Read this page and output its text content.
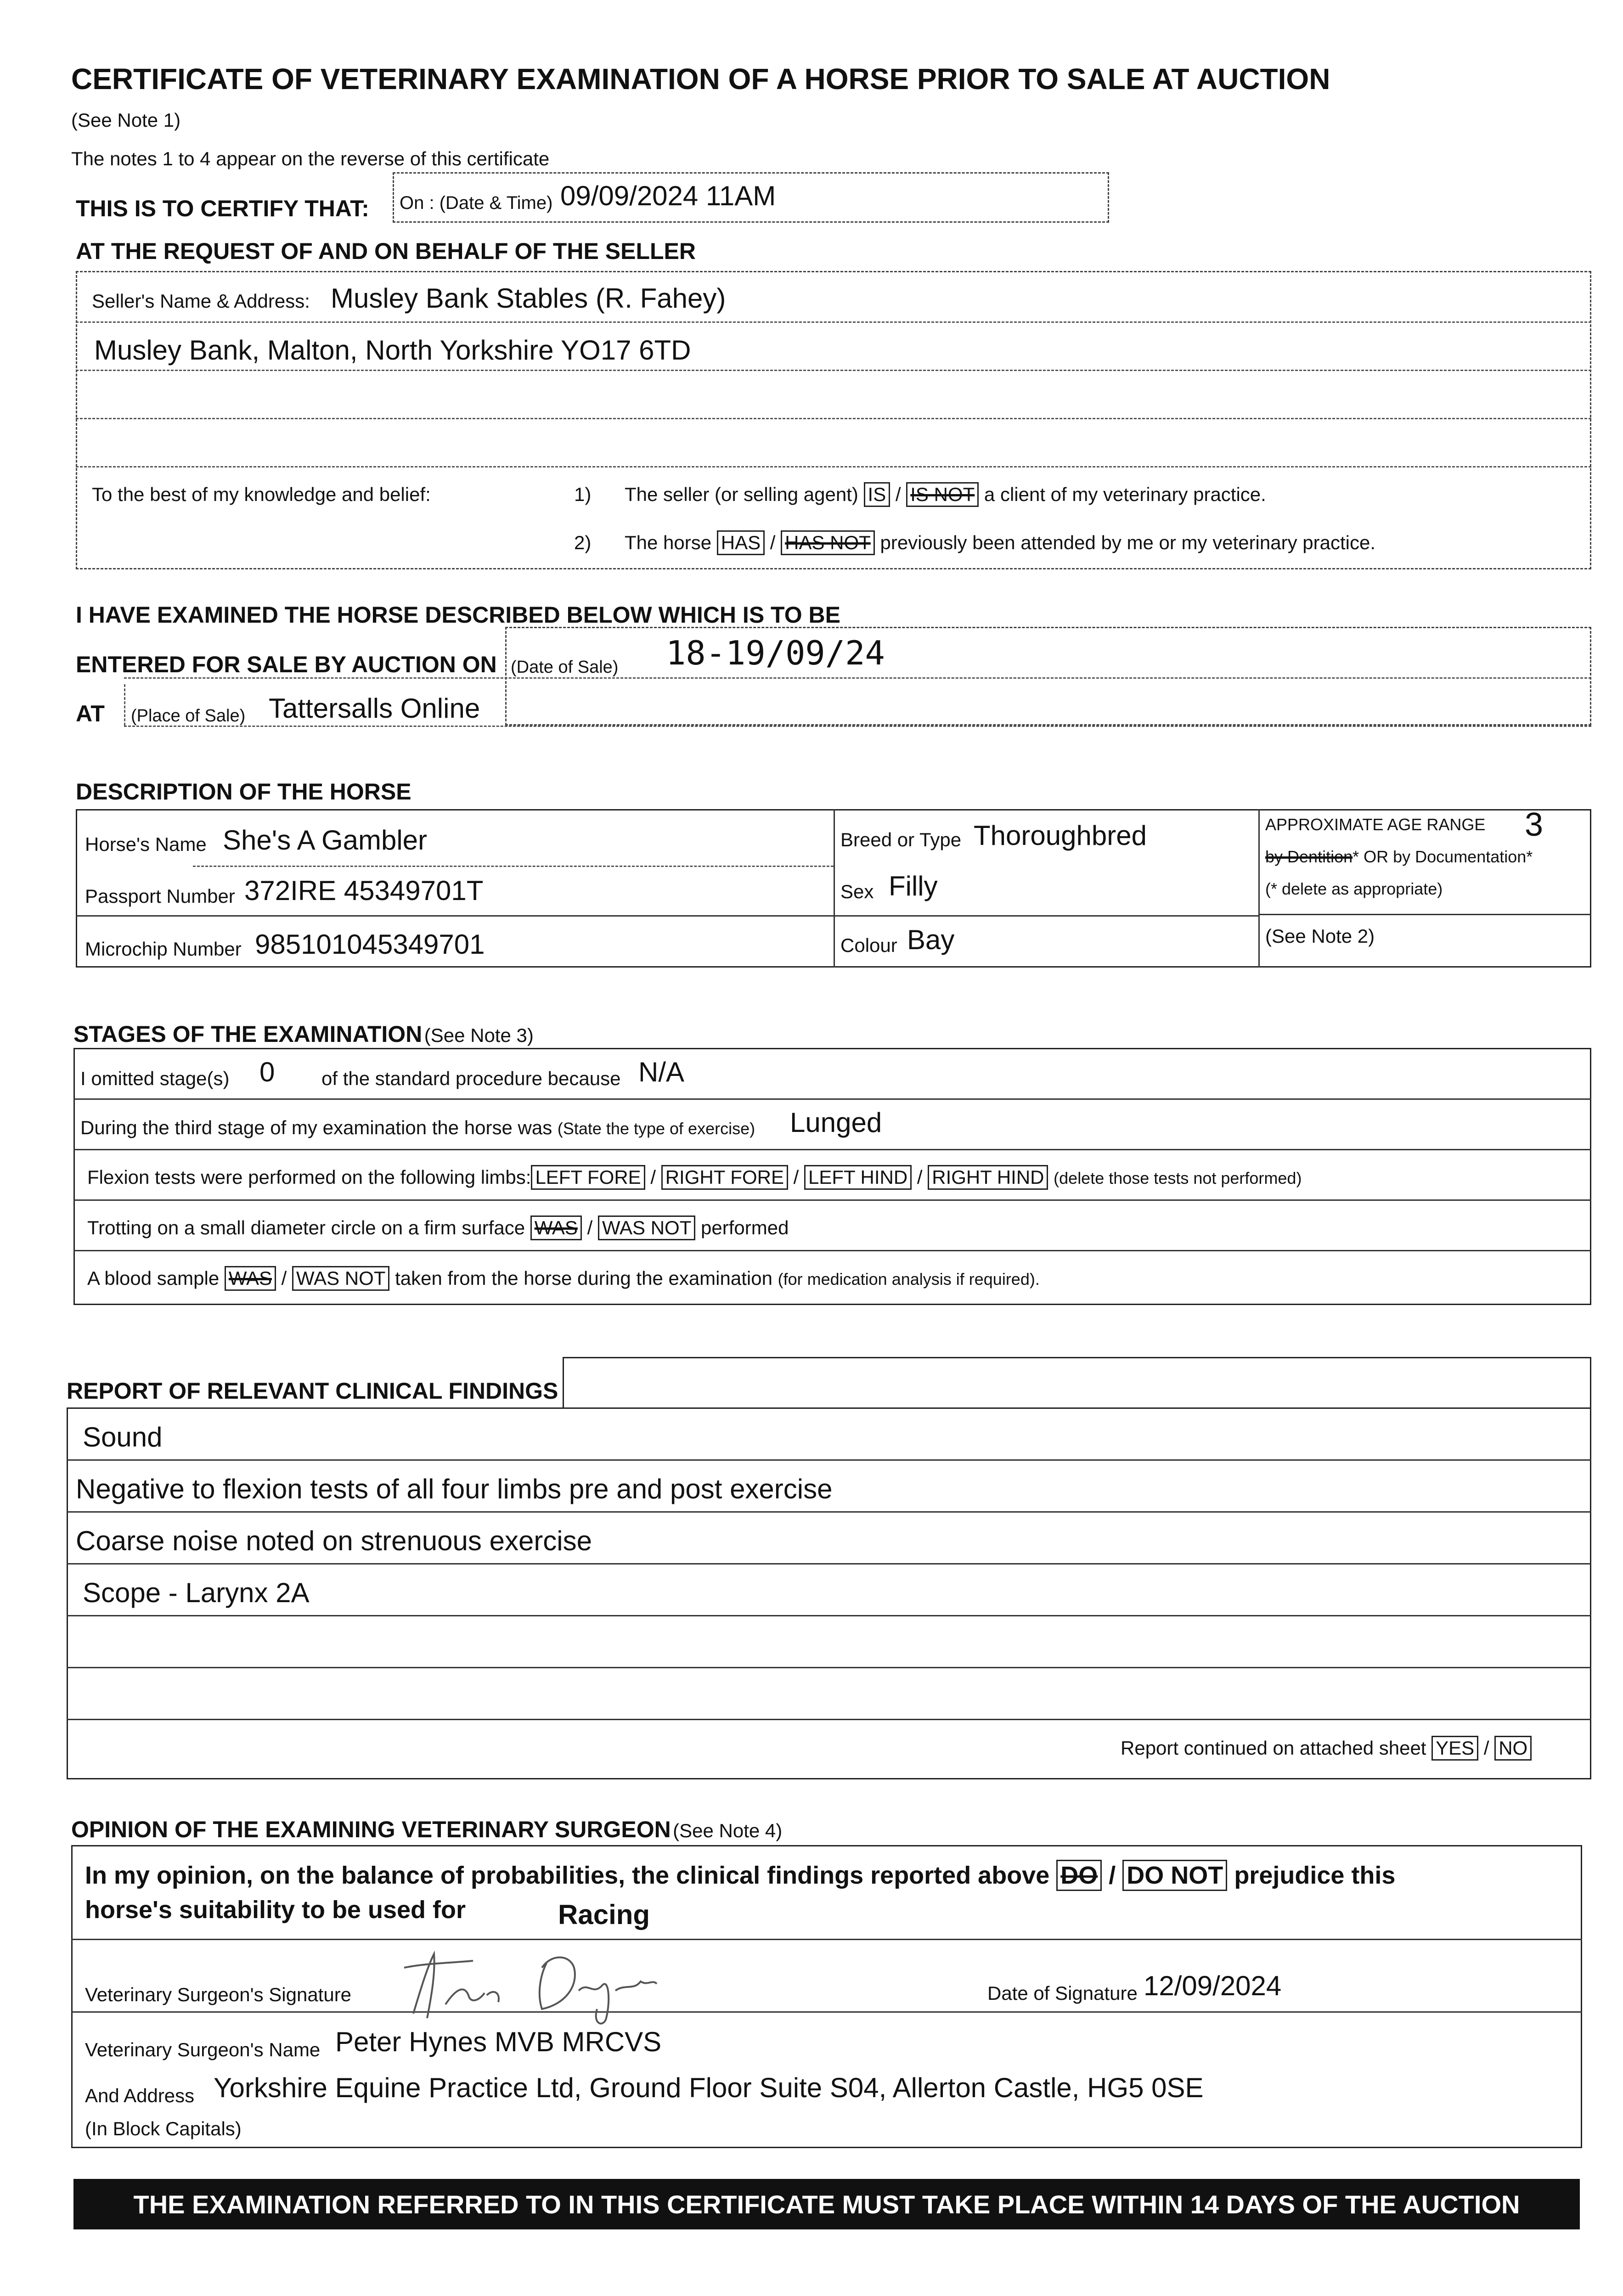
CERTIFICATE OF VETERINARY EXAMINATION OF A HORSE PRIOR TO SALE AT AUCTION
(See Note 1)
The notes 1 to 4 appear on the reverse of this certificate
THIS IS TO CERTIFY THAT: On : (Date & Time) 09/09/2024 11AM
AT THE REQUEST OF AND ON BEHALF OF THE SELLER
Seller's Name & Address: Musley Bank Stables (R. Fahey)
Musley Bank, Malton, North Yorkshire YO17 6TD
To the best of my knowledge and belief:	1) The seller (or selling agent) IS / IS NOT a client of my veterinary practice.
2) The horse HAS / HAS NOT previously been attended by me or my veterinary practice.
I HAVE EXAMINED THE HORSE DESCRIBED BELOW WHICH IS TO BE
ENTERED FOR SALE BY AUCTION ON (Date of Sale) 18-19/09/24
AT (Place of Sale) Tattersalls Online
DESCRIPTION OF THE HORSE
Horse's Name She's A Gambler
Passport Number 372IRE 45349701T
Microchip Number 985101045349701
Breed or Type Thoroughbred
Sex Filly
Colour Bay
APPROXIMATE AGE RANGE 3
by Dentition* OR by Documentation*
(* delete as appropriate)
(See Note 2)
STAGES OF THE EXAMINATION (See Note 3)
I omitted stage(s) 0 of the standard procedure because N/A
During the third stage of my examination the horse was (State the type of exercise) Lunged
Flexion tests were performed on the following limbs: LEFT FORE / RIGHT FORE / LEFT HIND / RIGHT HIND (delete those tests not performed)
Trotting on a small diameter circle on a firm surface WAS / WAS NOT performed
A blood sample WAS / WAS NOT taken from the horse during the examination (for medication analysis if required).
REPORT OF RELEVANT CLINICAL FINDINGS
Sound
Negative to flexion tests of all four limbs pre and post exercise
Coarse noise noted on strenuous exercise
Scope - Larynx 2A
Report continued on attached sheet YES / NO
OPINION OF THE EXAMINING VETERINARY SURGEON (See Note 4)
In my opinion, on the balance of probabilities, the clinical findings reported above DO / DO NOT prejudice this
horse's suitability to be used for	Racing
Veterinary Surgeon's Signature	Date of Signature 12/09/2024
Veterinary Surgeon's Name Peter Hynes MVB MRCVS
And Address Yorkshire Equine Practice Ltd, Ground Floor Suite S04, Allerton Castle, HG5 0SE
(In Block Capitals)
THE EXAMINATION REFERRED TO IN THIS CERTIFICATE MUST TAKE PLACE WITHIN 14 DAYS OF THE AUCTION
